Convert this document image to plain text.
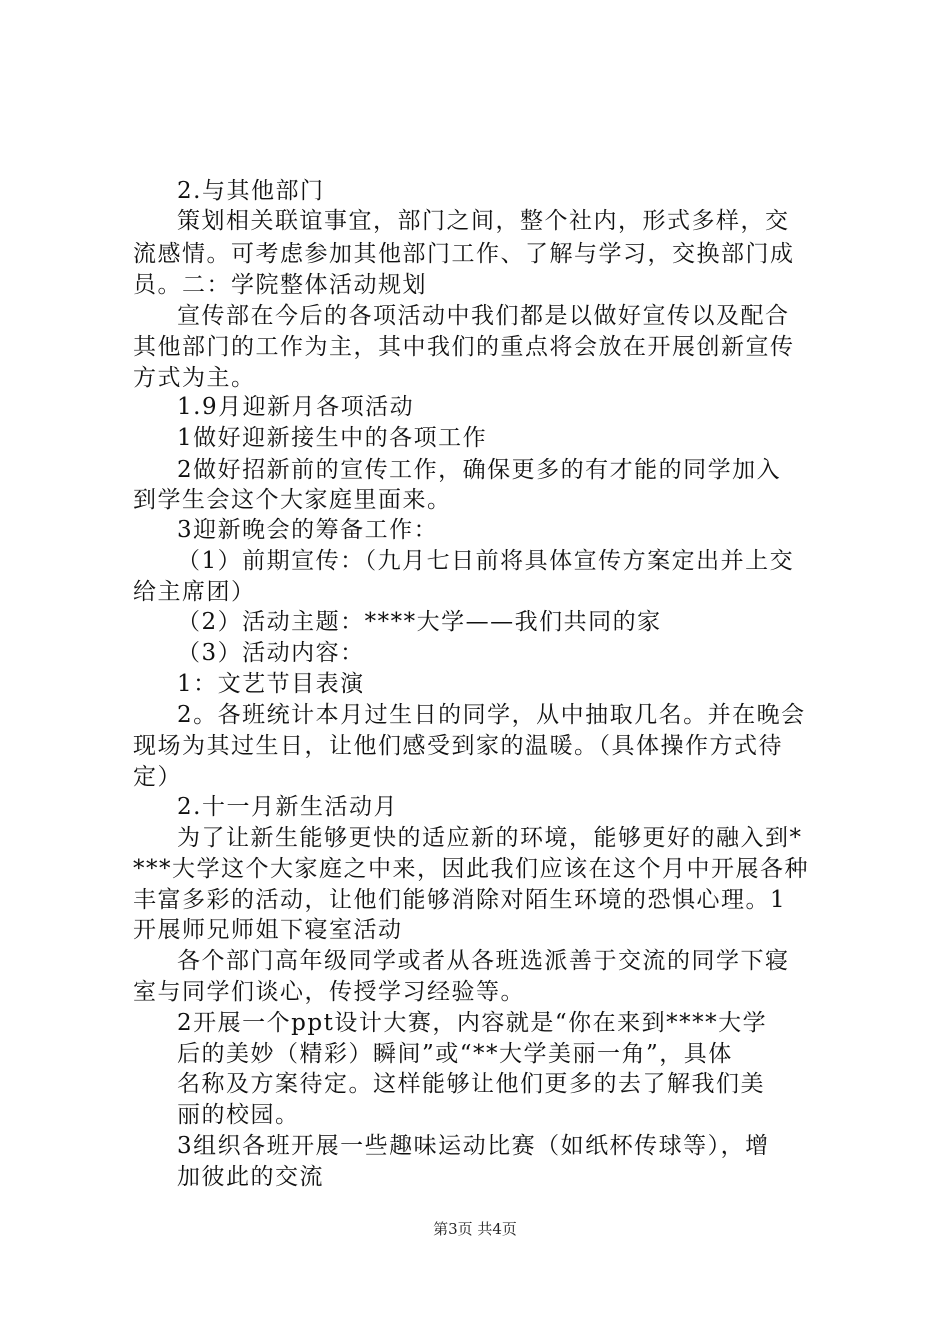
2.与其他部门
策划相关联谊事宜，部门之间，整个社内，形式多样，交
流感情。可考虑参加其他部门工作、了解与学习，交换部门成
员。二：学院整体活动规划
宣传部在今后的各项活动中我们都是以做好宣传以及配合
其他部门的工作为主，其中我们的重点将会放在开展创新宣传
方式为主。
1.9月迎新月各项活动
1做好迎新接生中的各项工作
2做好招新前的宣传工作，确保更多的有才能的同学加入
到学生会这个大家庭里面来。
3迎新晚会的筹备工作：
（1）前期宣传：（九月七日前将具体宣传方案定出并上交
给主席团）
（2）活动主题：****大学——我们共同的家
（3）活动内容：
1：文艺节目表演
2。各班统计本月过生日的同学，从中抽取几名。并在晚会
现场为其过生日，让他们感受到家的温暖。（具体操作方式待
定）
2.十一月新生活动月
为了让新生能够更快的适应新的环境，能够更好的融入到*
***大学这个大家庭之中来，因此我们应该在这个月中开展各种
丰富多彩的活动，让他们能够消除对陌生环境的恐惧心理。1
开展师兄师姐下寝室活动
各个部门高年级同学或者从各班选派善于交流的同学下寝
室与同学们谈心，传授学习经验等。
2开展一个ppt设计大赛，内容就是“你在来到****大学
后的美妙（精彩）瞬间”或“**大学美丽一角”，具体
名称及方案待定。这样能够让他们更多的去了解我们美
丽的校园。
3组织各班开展一些趣味运动比赛（如纸杯传球等），增
加彼此的交流
第3页 共4页
